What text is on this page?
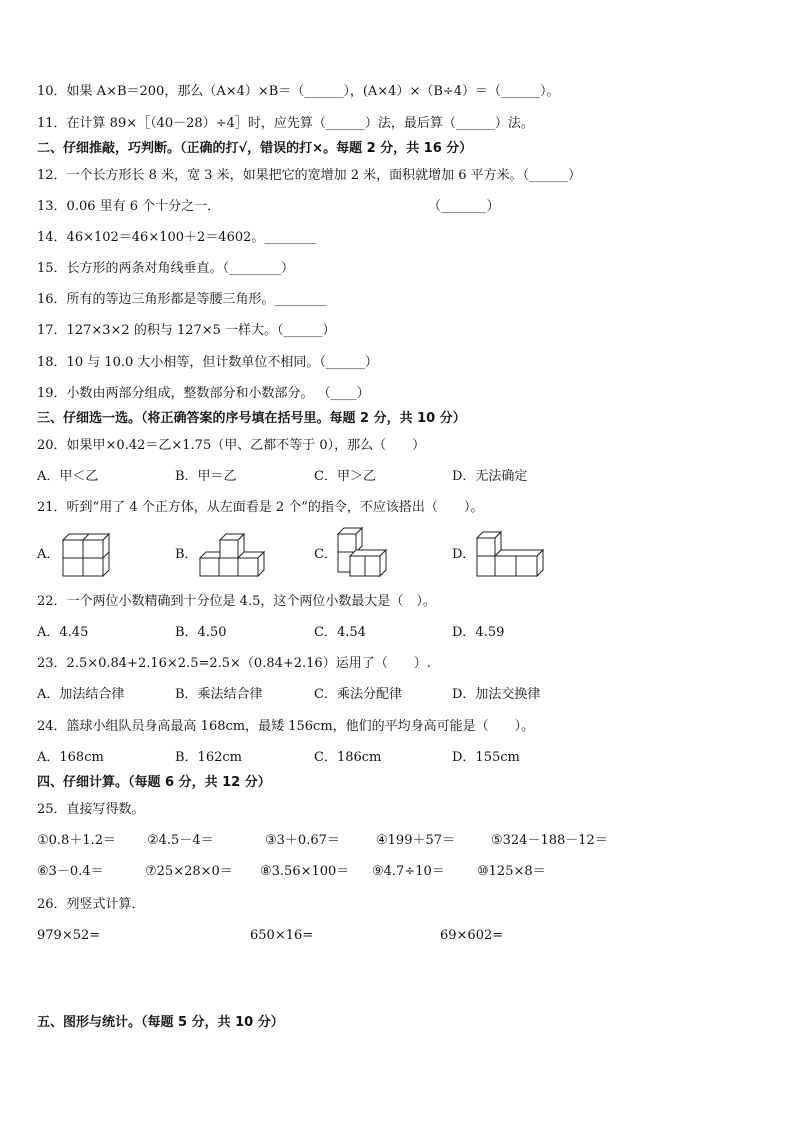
10．如果 A×B＝200，那么（A×4）×B＝（______），(A×4）×（B÷4）＝（______）。
11．在计算 89×［（40－28）÷4］时，应先算（______）法，最后算（______）法。
二、仔细推敲，巧判断。（正确的打√，错误的打×。每题 2 分，共 16 分）
12．一个长方形长 8 米，宽 3 米，如果把它的宽增加 2 米，面积就增加 6 平方米。（______）
13．0.06 里有 6 个十分之一．	（_______）
14．46×102＝46×100＋2＝4602。________
15．长方形的两条对角线垂直。（________）
16．所有的等边三角形都是等腰三角形。________
17．127×3×2 的积与 127×5 一样大。（______）
18．10 与 10.0 大小相等，但计数单位不相同。（______）
19．小数由两部分组成，整数部分和小数部分。 （____）
三、仔细选一选。（将正确答案的序号填在括号里。每题 2 分，共 10 分）
20．如果甲×0.42＝乙×1.75（甲、乙都不等于 0），那么（　　）
A．甲＜乙	B．甲＝乙	C．甲＞乙	D．无法确定
21．听到“用了 4 个正方体，从左面看是 2 个”的指令，不应该搭出（　　）。
A．	B．	C．	D．
22．一个两位小数精确到十分位是 4.5，这个两位小数最大是（　）。
A．4.45	B．4.50	C．4.54	D．4.59
23．2.5×0.84+2.16×2.5=2.5×（0.84+2.16）运用了（　　）.
A．加法结合律	B．乘法结合律	C．乘法分配律	D．加法交换律
24．篮球小组队员身高最高 168cm，最矮 156cm，他们的平均身高可能是（　　）。
A．168cm	B．162cm	C．186cm	D．155cm
四、仔细计算。（每题 6 分，共 12 分）
25．直接写得数。
①0.8＋1.2＝ ②4.5－4＝	③3＋0.67＝	④199＋57＝	⑤324－188－12＝
⑥3－0.4＝	⑦25×28×0＝ ⑧3.56×100＝ ⑨4.7÷10＝ ⑩125×8＝
26．列竖式计算．
979×52=	650×16=	69×602=
五、图形与统计。（每题 5 分，共 10 分）
